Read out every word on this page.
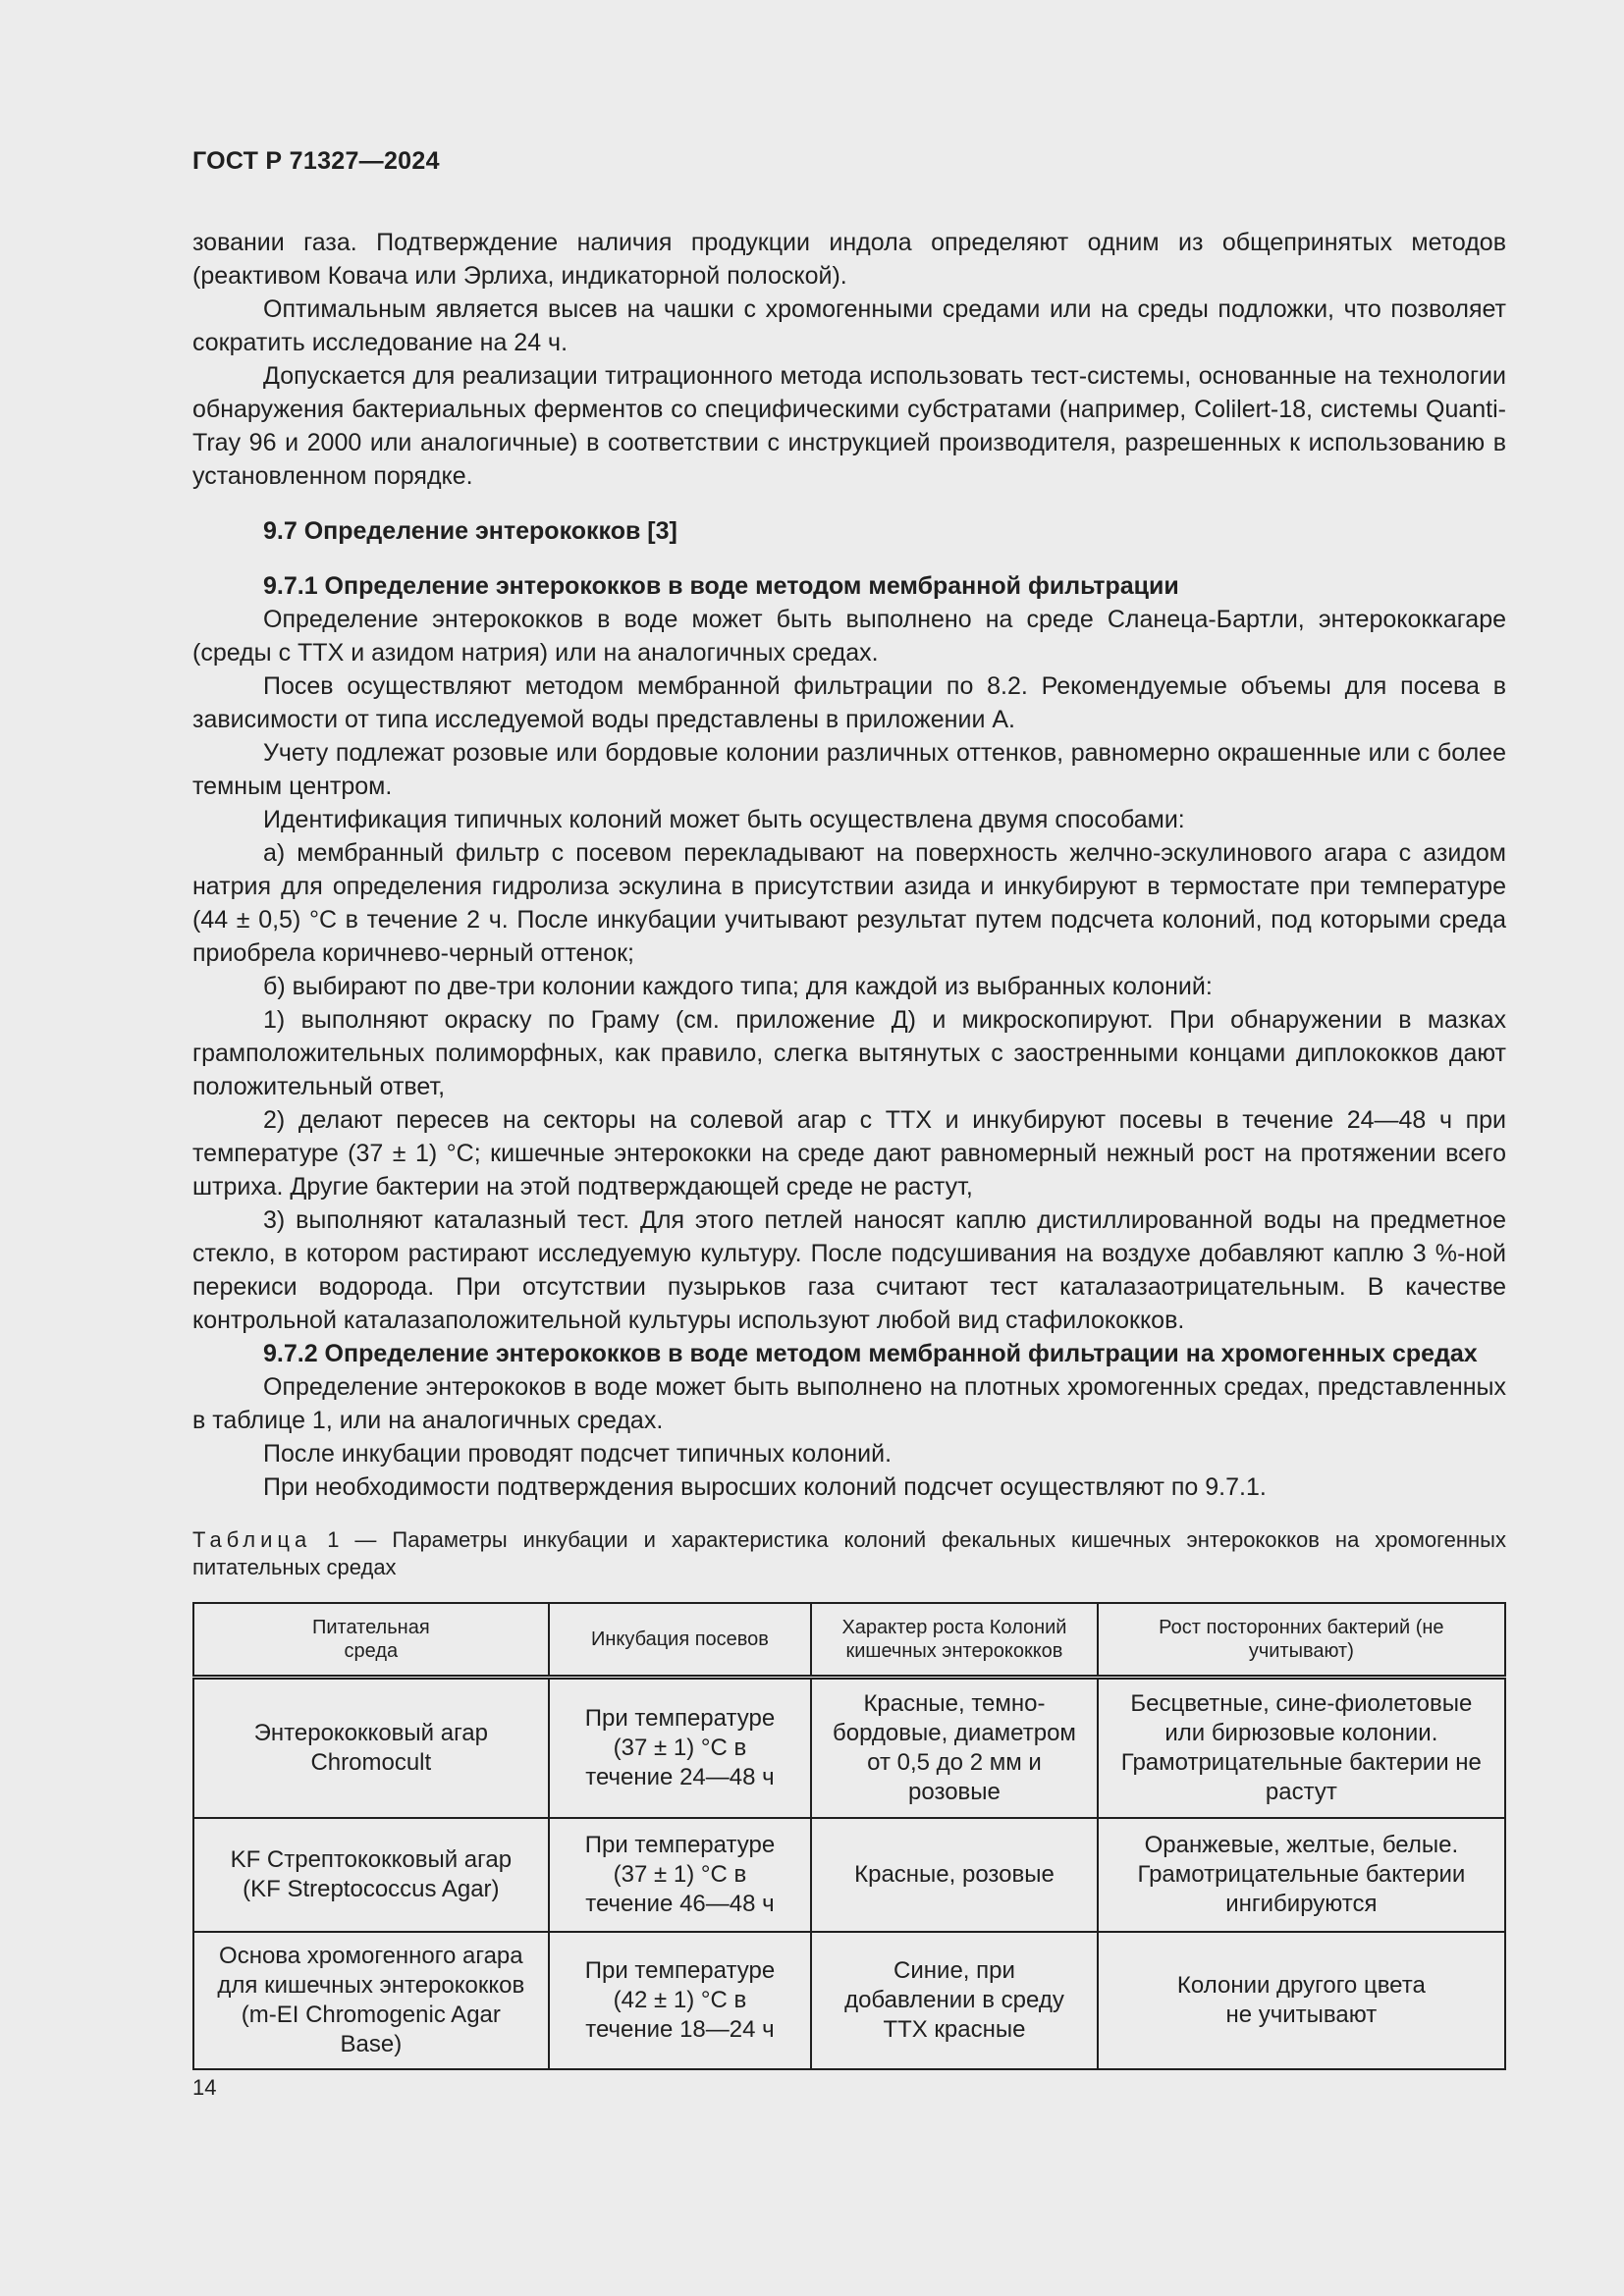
ГОСТ Р 71327—2024

зовании газа. Подтверждение наличия продукции индола определяют одним из общепринятых методов (реактивом Ковача или Эрлиха, индикаторной полоской).

Оптимальным является высев на чашки с хромогенными средами или на среды подложки, что позволяет сократить исследование на 24 ч.

Допускается для реализации титрационного метода использовать тест-системы, основанные на технологии обнаружения бактериальных ферментов со специфическими субстратами (например, Colilert-18, системы Quanti-Tray 96 и 2000 или аналогичные) в соответствии с инструкцией производителя, разрешенных к использованию в установленном порядке.

9.7 Определение энтерококков [3]
9.7.1 Определение энтерококков в воде методом мембранной фильтрации

Определение энтерококков в воде может быть выполнено на среде Сланеца-Бартли, энтерококкагаре (среды с ТТХ и азидом натрия) или на аналогичных средах.

Посев осуществляют методом мембранной фильтрации по 8.2. Рекомендуемые объемы для посева в зависимости от типа исследуемой воды представлены в приложении А.

Учету подлежат розовые или бордовые колонии различных оттенков, равномерно окрашенные или с более темным центром.

Идентификация типичных колоний может быть осуществлена двумя способами:

а) мембранный фильтр с посевом перекладывают на поверхность желчно-эскулинового агара с азидом натрия для определения гидролиза эскулина в присутствии азида и инкубируют в термостате при температуре (44 ± 0,5) °С в течение 2 ч. После инкубации учитывают результат путем подсчета колоний, под которыми среда приобрела коричнево-черный оттенок;

б) выбирают по две-три колонии каждого типа; для каждой из выбранных колоний:

1) выполняют окраску по Граму (см. приложение Д) и микроскопируют. При обнаружении в мазках грамположительных полиморфных, как правило, слегка вытянутых с заостренными концами диплококков дают положительный ответ,

2) делают пересев на секторы на солевой агар с ТТХ и инкубируют посевы в течение 24—48 ч при температуре (37 ± 1) °С; кишечные энтерококки на среде дают равномерный нежный рост на протяжении всего штриха. Другие бактерии на этой подтверждающей среде не растут,

3) выполняют каталазный тест. Для этого петлей наносят каплю дистиллированной воды на предметное стекло, в котором растирают исследуемую культуру. После подсушивания на воздухе добавляют каплю 3 %-ной перекиси водорода. При отсутствии пузырьков газа считают тест каталазаотрицательным. В качестве контрольной каталазаположительной культуры используют любой вид стафилококков.

9.7.2 Определение энтерококков в воде методом мембранной фильтрации на хромогенных средах

Определение энтерококов в воде может быть выполнено на плотных хромогенных средах, представленных в таблице 1, или на аналогичных средах.

После инкубации проводят подсчет типичных колоний.

При необходимости подтверждения выросших колоний подсчет осуществляют по 9.7.1.

Таблица 1 — Параметры инкубации и характеристика колоний фекальных кишечных энтерококков на хромогенных питательных средах
Питательная среда	Инкубация посевов	Характер роста Колоний кишечных энтерококков	Рост посторонних бактерий (не учитывают)
Энтерококковый агар Chromocult	При температуре (37 ± 1) °С в течение 24—48 ч	Красные, темно-бордовые, диаметром от 0,5 до 2 мм и розовые	Бесцветные, сине-фиолетовые или бирюзовые колонии. Грамотрицательные бактерии не растут
KF Стрептококковый агар (KF Streptococcus Agar)	При температуре (37 ± 1) °С в течение 46—48 ч	Красные, розовые	Оранжевые, желтые, белые. Грамотрицательные бактерии ингибируются
Основа хромогенного агара для кишечных энтерококков (m-EI Chromogenic Agar Base)	При температуре (42 ± 1) °С в течение 18—24 ч	Синие, при добавлении в среду ТТХ красные	Колонии другого цвета не учитывают
14
